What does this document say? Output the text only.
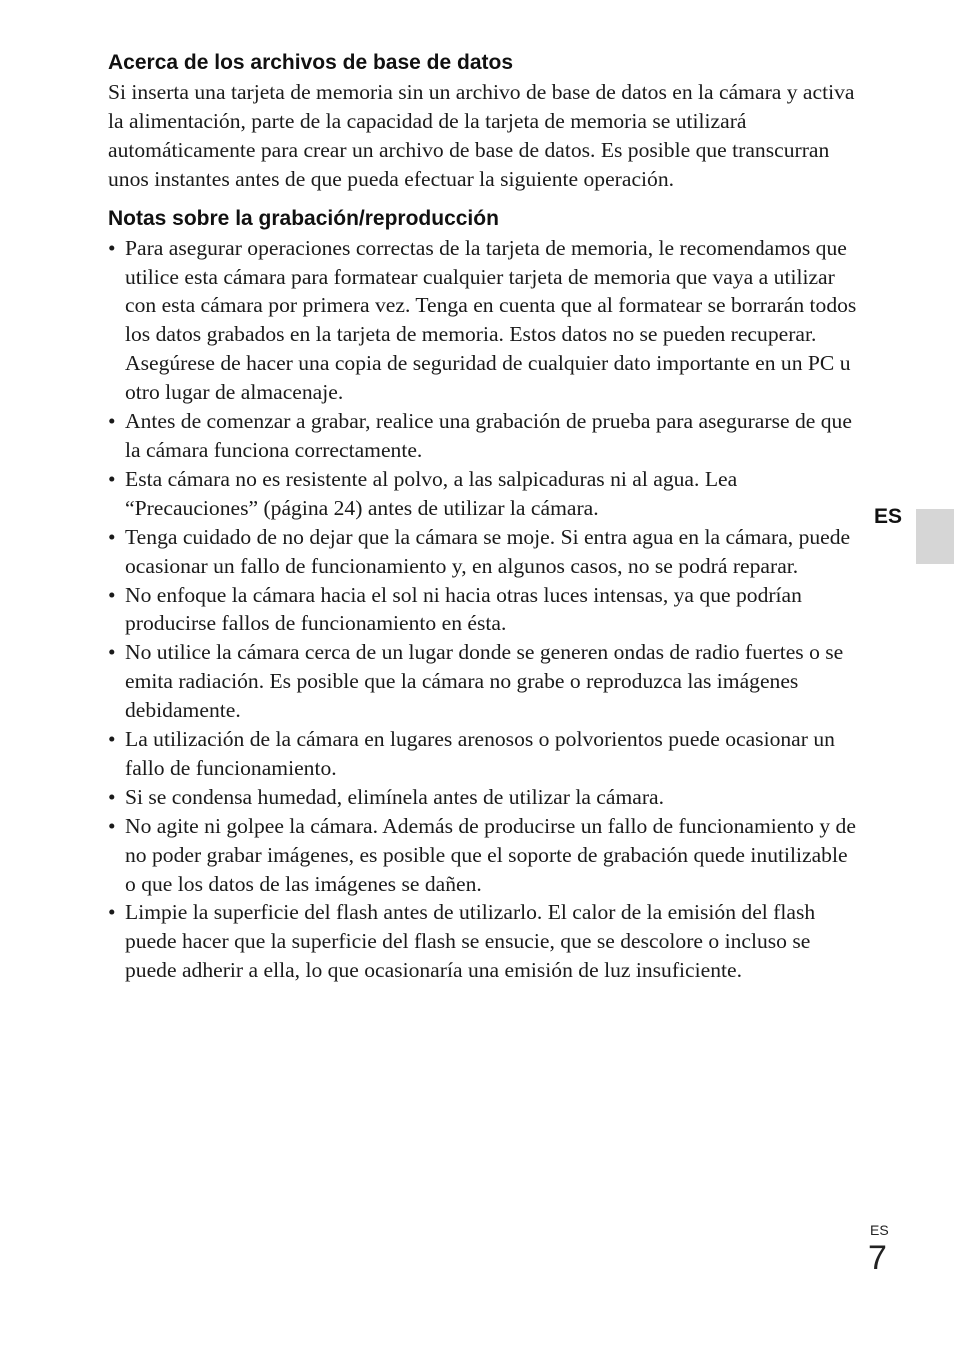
Acerca de los archivos de base de datos

Si inserta una tarjeta de memoria sin un archivo de base de datos en la cámara y activa la alimentación, parte de la capacidad de la tarjeta de memoria se utilizará automáticamente para crear un archivo de base de datos. Es posible que transcurran unos instantes antes de que pueda efectuar la siguiente operación.

Notas sobre la grabación/reproducción
• Para asegurar operaciones correctas de la tarjeta de memoria, le recomendamos que utilice esta cámara para formatear cualquier tarjeta de memoria que vaya a utilizar con esta cámara por primera vez. Tenga en cuenta que al formatear se borrarán todos los datos grabados en la tarjeta de memoria. Estos datos no se pueden recuperar. Asegúrese de hacer una copia de seguridad de cualquier dato importante en un PC u otro lugar de almacenaje.
• Antes de comenzar a grabar, realice una grabación de prueba para asegurarse de que la cámara funciona correctamente.
• Esta cámara no es resistente al polvo, a las salpicaduras ni al agua. Lea “Precauciones” (página 24) antes de utilizar la cámara.
• Tenga cuidado de no dejar que la cámara se moje. Si entra agua en la cámara, puede ocasionar un fallo de funcionamiento y, en algunos casos, no se podrá reparar.
• No enfoque la cámara hacia el sol ni hacia otras luces intensas, ya que podrían producirse fallos de funcionamiento en ésta.
• No utilice la cámara cerca de un lugar donde se generen ondas de radio fuertes o se emita radiación. Es posible que la cámara no grabe o reproduzca las imágenes debidamente.
• La utilización de la cámara en lugares arenosos o polvorientos puede ocasionar un fallo de funcionamiento.
• Si se condensa humedad, elimínela antes de utilizar la cámara.
• No agite ni golpee la cámara. Además de producirse un fallo de funcionamiento y de no poder grabar imágenes, es posible que el soporte de grabación quede inutilizable o que los datos de las imágenes se dañen.
• Limpie la superficie del flash antes de utilizarlo. El calor de la emisión del flash puede hacer que la superficie del flash se ensucie, que se descolore o incluso se puede adherir a ella, lo que ocasionaría una emisión de luz insuficiente.
ES
ES
7
